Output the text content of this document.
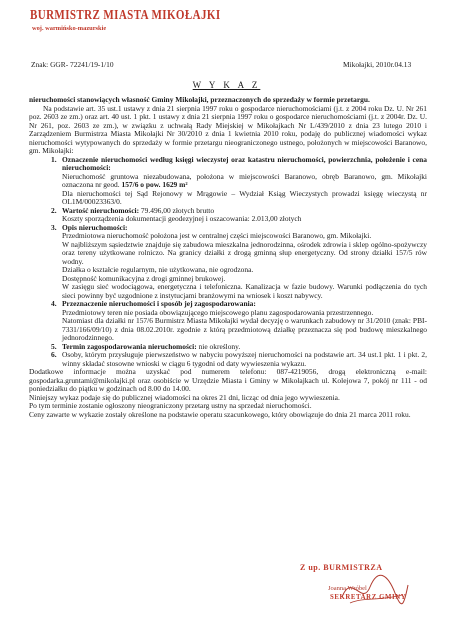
BURMISTRZ MIASTA MIKOŁAJKI
woj. warmińsko-mazurskie
Znak: GGR- 72241/19-1/10	Mikołajki, 2010r.04.13
W Y K A Z

nieruchomości stanowiących własność Gminy Mikołajki, przeznaczonych do sprzedaży w formie przetargu.

Na podstawie art. 35 ust.1 ustawy z dnia 21 sierpnia 1997 roku o gospodarce nieruchomościami (j.t. z 2004 roku Dz. U. Nr 261 poz. 2603 ze zm.) oraz art. 40 ust. 1 pkt. 1 ustawy z dnia 21 sierpnia 1997 roku o gospodarce nieruchomościami (j.t. z 2004r. Dz. U. Nr 261, poz. 2603 ze zm.), w związku z uchwałą Rady Miejskiej w Mikołajkach Nr L/439/2010 z dnia 23 lutego 2010 i Zarządzeniem Burmistrza Miasta Mikołajki Nr 30/2010 z dnia 1 kwietnia 2010 roku, podaję do publicznej wiadomości wykaz nieruchomości wytypowanych do sprzedaży w formie przetargu nieograniczonego ustnego, położonych w miejscowości Baranowo, gm. Mikołajki:

1. Oznaczenie nieruchomości według księgi wieczystej oraz katastru nieruchomości, powierzchnia, położenie i cena nieruchomości:

Nieruchomość gruntowa niezabudowana, położona w miejscowości Baranowo, obręb Baranowo, gm. Mikołajki oznaczona nr geod. 157/6 o pow. 1629 m²

Dla nieruchomości tej Sąd Rejonowy w Mrągowie – Wydział Ksiąg Wieczystych prowadzi księgę wieczystą nr OL1M/00023363/0.

2. Wartość nieruchomości: 79.496,00 złotych brutto

Koszty sporządzenia dokumentacji geodezyjnej i oszacowania: 2.013,00 złotych

3. Opis nieruchomości:

Przedmiotowa nieruchomość położona jest w centralnej części miejscowości Baranowo, gm. Mikołajki.

W najbliższym sąsiedztwie znajduje się zabudowa mieszkalna jednorodzinna, ośrodek zdrowia i sklep ogólno-spożywczy oraz tereny użytkowane rolniczo. Na granicy działki z drogą gminną słup energetyczny. Od strony działki 157/5 rów wodny.

Działka o kształcie regularnym, nie użytkowana, nie ogrodzona.

Dostępność komunikacyjna z drogi gminnej brukowej.

W zasięgu sieć wodociągowa, energetyczna i telefoniczna. Kanalizacja w fazie budowy. Warunki podłączenia do tych sieci powinny być uzgodnione z instytucjami branżowymi na wniosek i koszt nabywcy.

4. Przeznaczenie nieruchomości i sposób jej zagospodarowania:

Przedmiotowy teren nie posiada obowiązującego miejscowego planu zagospodarowania przestrzennego.

Natomiast dla działki nr 157/6 Burmistrz Miasta Mikołajki wydał decyzję o warunkach zabudowy nr 31/2010 (znak: PBI-7331/166/09/10) z dnia 08.02.2010r. zgodnie z którą przedmiotową działkę przeznacza się pod budowę mieszkalnego jednorodzinnego.

5. Termin zagospodarowania nieruchomości: nie określony.

6. Osoby, którym przysługuje pierwszeństwo w nabyciu powyższej nieruchomości na podstawie art. 34 ust.1 pkt. 1 i pkt. 2, winny składać stosowne wnioski w ciągu 6 tygodni od daty wywieszenia wykazu.

Dodatkowe informacje można uzyskać pod numerem telefonu: 087-4219056, drogą elektroniczną e-mail: gospodarka.gruntami@mikolajki.pl oraz osobiście w Urzędzie Miasta i Gminy w Mikołajkach ul. Kolejowa 7, pokój nr 111 - od poniedziałku do piątku w godzinach od 8.00 do 14.00.

Niniejszy wykaz podaje się do publicznej wiadomości na okres 21 dni, licząc od dnia jego wywieszenia.

Po tym terminie zostanie ogłoszony nieograniczony przetarg ustny na sprzedaż nieruchomości.

Ceny zawarte w wykazie zostały określone na podstawie operatu szacunkowego, który obowiązuje do dnia 21 marca 2011 roku.

Z up. BURMISTRZA
Joanna Wróbel
SEKRETARZ GMINY
